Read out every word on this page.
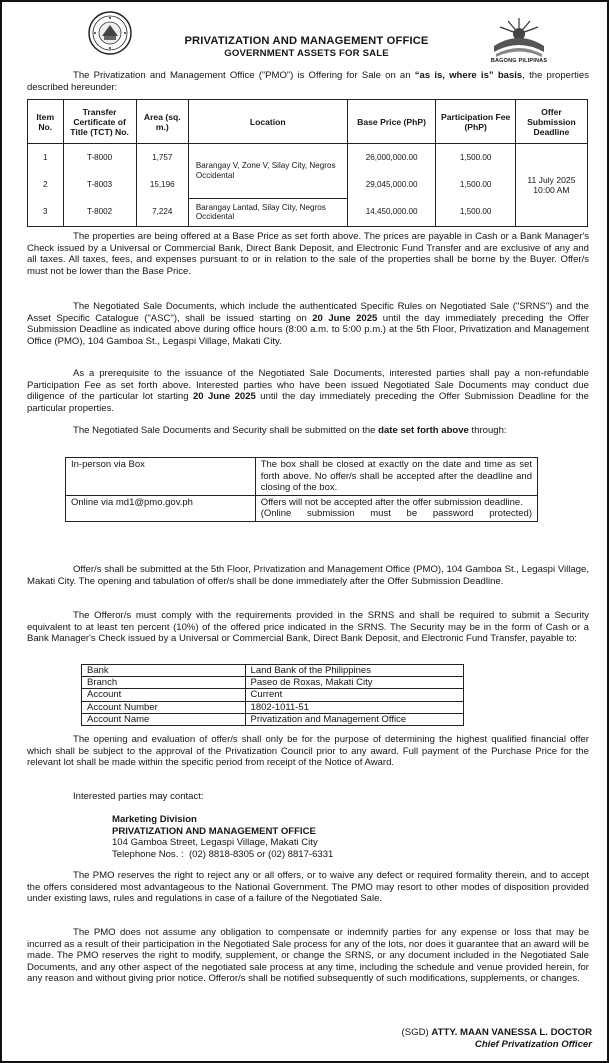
BAGONG PILIPINAS
PRIVATIZATION AND MANAGEMENT OFFICE
GOVERNMENT ASSETS FOR SALE
The Privatization and Management Office (”PMO”) is Offering for Sale on an “as is, where is” basis, the properties described hereunder:
Item No.	Transfer Certificate of Title (TCT) No.	Area (sq. m.)	Location	Base Price (PhP)	Participation Fee (PhP)	Offer Submission Deadline
1	T-8000	1,757	Barangay V, Zone V, Silay City, Negros Occidental	26,000,000.00	1,500.00	11 July 2025 10:00 AM
2	T-8003	15,196		29,045,000.00	1,500.00	
3	T-8002	7,224	Barangay Lantad, Silay City, Negros Occidental	14,450,000.00	1,500.00	
The properties are being offered at a Base Price as set forth above. The prices are payable in Cash or a Bank Manager's Check issued by a Universal or Commercial Bank, Direct Bank Deposit, and Electronic Fund Transfer and are exclusive of any and all taxes. All taxes, fees, and expenses pursuant to or in relation to the sale of the properties shall be borne by the Buyer. Offer/s must not be lower than the Base Price.
The Negotiated Sale Documents, which include the authenticated Specific Rules on Negotiated Sale ("SRNS") and the Asset Specific Catalogue ("ASC"), shall be issued starting on 20 June 2025 until the day immediately preceding the Offer Submission Deadline as indicated above during office hours (8:00 a.m. to 5:00 p.m.) at the 5th Floor, Privatization and Management Office (PMO), 104 Gamboa St., Legaspi Village, Makati City.
As a prerequisite to the issuance of the Negotiated Sale Documents, interested parties shall pay a non-refundable Participation Fee as set forth above. Interested parties who have been issued Negotiated Sale Documents may conduct due diligence of the particular lot starting 20 June 2025 until the day immediately preceding the Offer Submission Deadline for the particular properties.
The Negotiated Sale Documents and Security shall be submitted on the date set forth above through:
In-person via Box	The box shall be closed at exactly on the date and time as set forth above. No offer/s shall be accepted after the deadline and closing of the box.
Online via md1@pmo.gov.ph	Offers will not be accepted after the offer submission deadline.
(Online submission must be password protected)
Offer/s shall be submitted at the 5th Floor, Privatization and Management Office (PMO), 104 Gamboa St., Legaspi Village, Makati City. The opening and tabulation of offer/s shall be done immediately after the Offer Submission Deadline.
The Offeror/s must comply with the requirements provided in the SRNS and shall be required to submit a Security equivalent to at least ten percent (10%) of the offered price indicated in the SRNS. The Security may be in the form of Cash or a Bank Manager's Check issued by a Universal or Commercial Bank, Direct Bank Deposit, and Electronic Fund Transfer, payable to:
Bank	Land Bank of the Philippines
Branch	Paseo de Roxas, Makati City
Account	Current
Account Number	1802-1011-51
Account Name	Privatization and Management Office
The opening and evaluation of offer/s shall only be for the purpose of determining the highest qualified financial offer which shall be subject to the approval of the Privatization Council prior to any award. Full payment of the Purchase Price for the relevant lot shall be made within the specific period from receipt of the Notice of Award.
Interested parties may contact:
Marketing Division
PRIVATIZATION AND MANAGEMENT OFFICE
104 Gamboa Street, Legaspi Village, Makati City
Telephone Nos. :  (02) 8818-8305 or (02) 8817-6331
The PMO reserves the right to reject any or all offers, or to waive any defect or required formality therein, and to accept the offers considered most advantageous to the National Government. The PMO may resort to other modes of disposition provided under existing laws, rules and regulations in case of a failure of the Negotiated Sale.
The PMO does not assume any obligation to compensate or indemnify parties for any expense or loss that may be incurred as a result of their participation in the Negotiated Sale process for any of the lots, nor does it guarantee that an award will be made. The PMO reserves the right to modify, supplement, or change the SRNS, or any document included in the Negotiated Sale Documents, and any other aspect of the negotiated sale process at any time, including the schedule and venue provided herein, for any reason and without giving prior notice. Offeror/s shall be notified subsequently of such modifications, supplements, or changes.
(SGD) ATTY. MAAN VANESSA L. DOCTOR
Chief Privatization Officer
